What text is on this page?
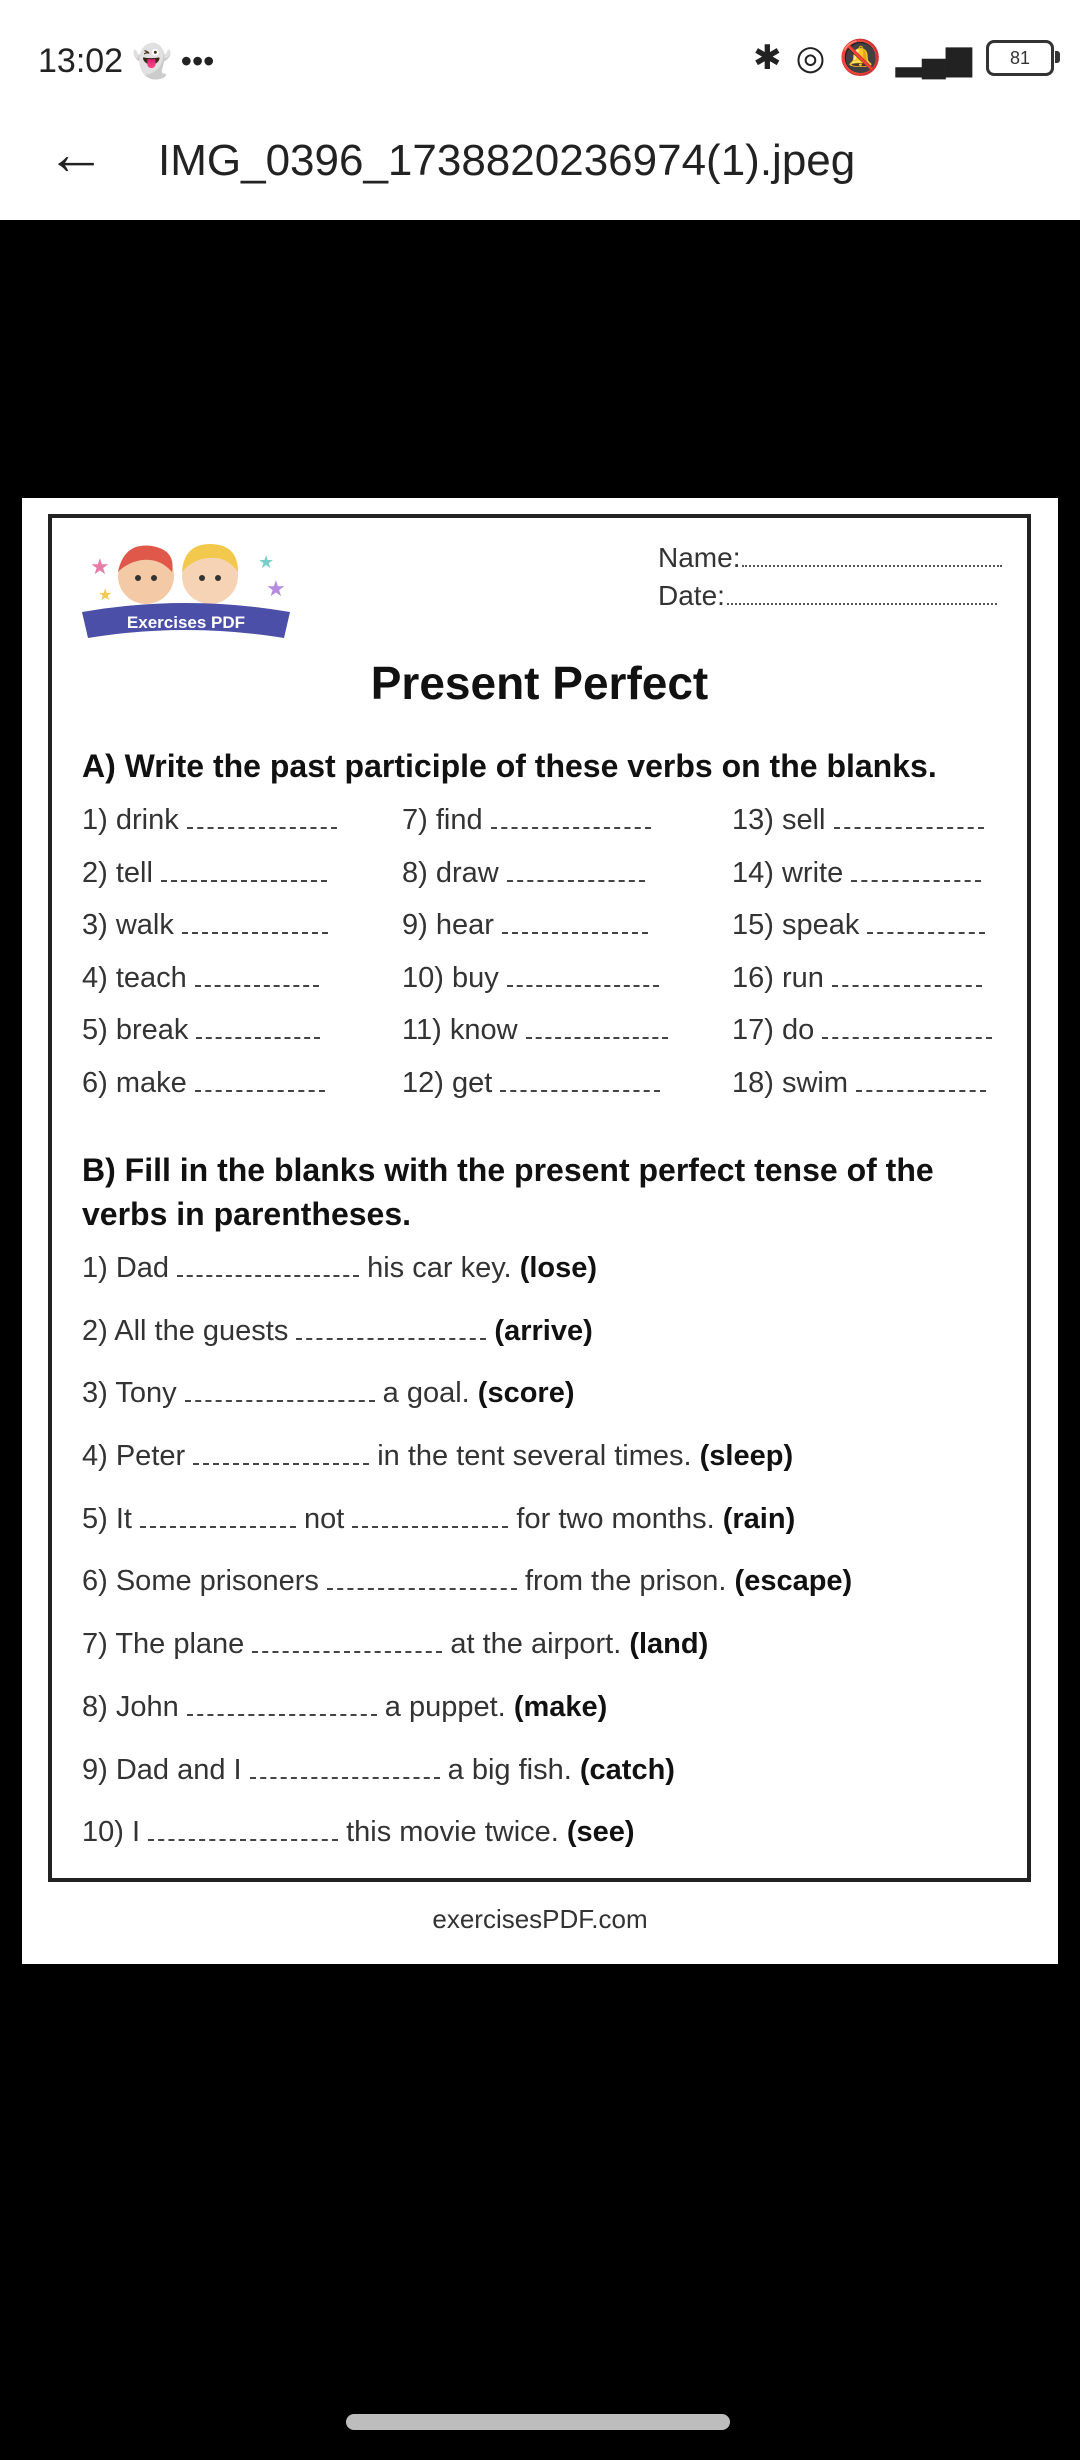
13:02 👻 •••	✱ ◎ 🔕 ▂▄▆ 81
← IMG_0396_1738820236974(1).jpeg
★	★
★
★
Exercises PDF
Name:
Date:
Present Perfect
A) Write the past participle of these verbs on the blanks.
1) drink
2) tell
3) walk
4) teach
5) break
6) make
7) find
8) draw
9) hear
10) buy
11) know
12) get
13) sell
14) write
15) speak
16) run
17) do
18) swim
B) Fill in the blanks with the present perfect tense of the verbs in parentheses.
1) Dad	his car key. (lose)
2) All the guests	(arrive)
3) Tony	a goal. (score)
4) Peter	in the tent several times. (sleep)
5) It	not	for two months. (rain)
6) Some prisoners	from the prison. (escape)
7) The plane	at the airport. (land)
8) John	a puppet. (make)
9) Dad and I	a big fish. (catch)
10) I	this movie twice. (see)
exercisesPDF.com
